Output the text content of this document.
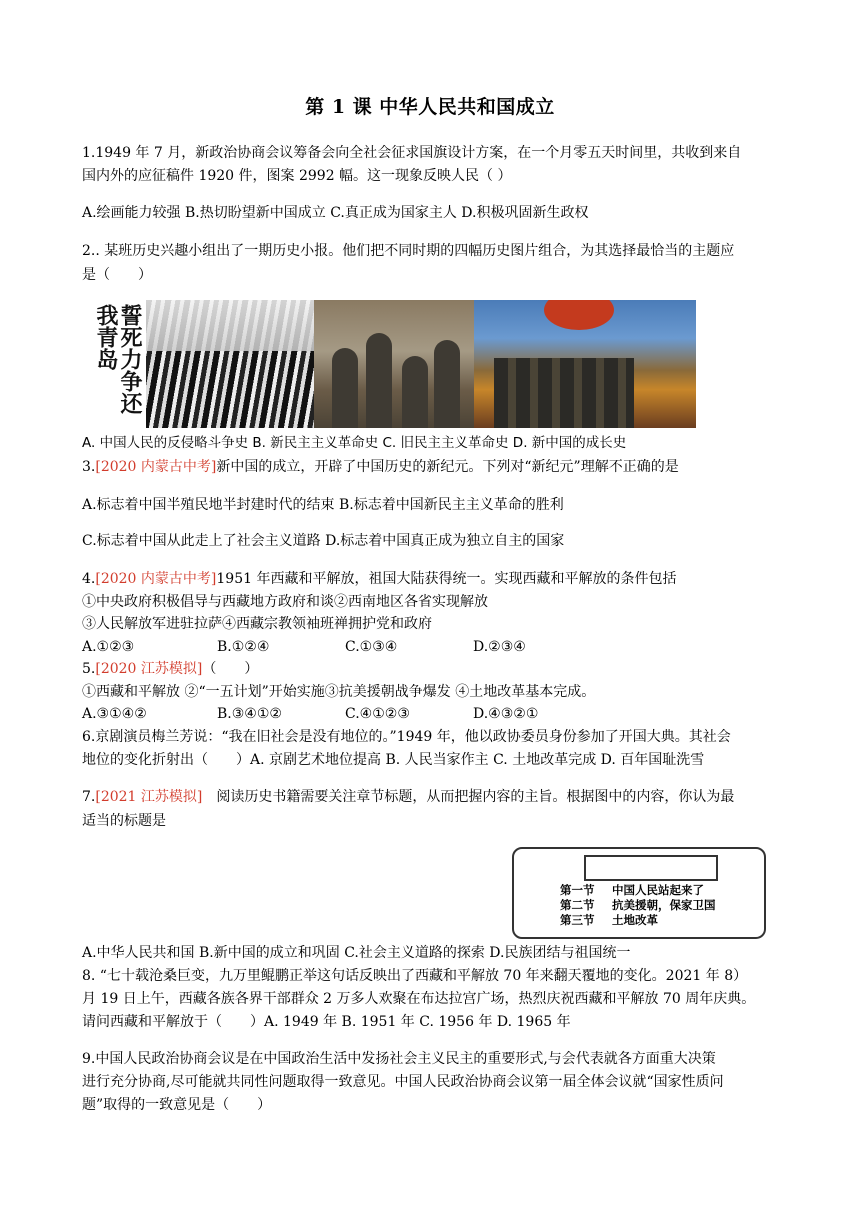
第 1 课 中华人民共和国成立
1.1949 年 7 月，新政治协商会议筹备会向全社会征求国旗设计方案，在一个月零五天时间里，共收到来自
国内外的应征稿件 1920 件，图案 2992 幅。这一现象反映人民（ ）
A.绘画能力较强 B.热切盼望新中国成立 C.真正成为国家主人 D.积极巩固新生政权
2.. 某班历史兴趣小组出了一期历史小报。他们把不同时期的四幅历史图片组合，为其选择最恰当的主题应
是（　　）
誓死力争还我青岛
A. 中国人民的反侵略斗争史 B. 新民主主义革命史 C. 旧民主主义革命史 D. 新中国的成长史
3.[2020 内蒙古中考]新中国的成立，开辟了中国历史的新纪元。下列对“新纪元”理解不正确的是
A.标志着中国半殖民地半封建时代的结束 B.标志着中国新民主主义革命的胜利
C.标志着中国从此走上了社会主义道路 D.标志着中国真正成为独立自主的国家
4.[2020 内蒙古中考]1951 年西藏和平解放，祖国大陆获得统一。实现西藏和平解放的条件包括
①中央政府积极倡导与西藏地方政府和谈②西南地区各省实现解放
③人民解放军进驻拉萨④西藏宗教领袖班禅拥护党和政府
A.①②③	B.①②④	C.①③④	D.②③④
5.[2020 江苏模拟]（　　）
①西藏和平解放 ②“一五计划”开始实施③抗美援朝战争爆发 ④土地改革基本完成。
A.③①④②	B.③④①②	C.④①②③	D.④③②①
6.京剧演员梅兰芳说：“我在旧社会是没有地位的。”1949 年，他以政协委员身份参加了开国大典。其社会
地位的变化折射出（　　）A. 京剧艺术地位提高 B. 人民当家作主 C. 土地改革完成 D. 百年国耻洗雪
7.[2021 江苏模拟]　阅读历史书籍需要关注章节标题，从而把握内容的主旨。根据图中的内容，你认为最
适当的标题是
第一节 中国人民站起来了
第二节 抗美援朝，保家卫国
第三节 土地改革
A.中华人民共和国 B.新中国的成立和巩固 C.社会主义道路的探索 D.民族团结与祖国统一
8. “七十载沧桑巨变，九万里鲲鹏正举这句话反映出了西藏和平解放 70 年来翻天覆地的变化。2021 年 8）
月 19 日上午，西藏各族各界干部群众 2 万多人欢聚在布达拉宫广场，热烈庆祝西藏和平解放 70 周年庆典。
请问西藏和平解放于（　　）A. 1949 年 B. 1951 年 C. 1956 年 D. 1965 年
9.中国人民政治协商会议是在中国政治生活中发扬社会主义民主的重要形式,与会代表就各方面重大决策
进行充分协商,尽可能就共同性问题取得一致意见。中国人民政治协商会议第一届全体会议就“国家性质问
题”取得的一致意见是（　　）
